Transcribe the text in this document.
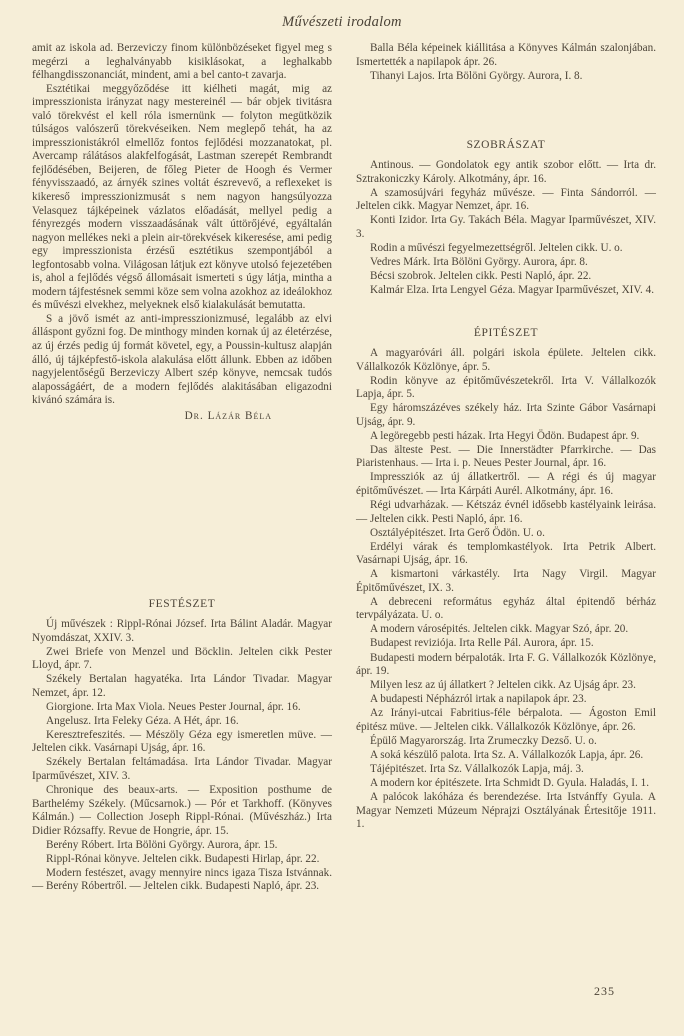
Művészeti irodalom

amit az iskola ad. Berzeviczy finom különbözéseket figyel meg s megérzi a leghalványabb kisiklásokat, a leghalkabb félhangdisszonanciát, mindent, ami a bel canto-t zavarja.

Esztétikai meggyőződése itt kiélheti magát, mig az impresszionista irányzat nagy mestereinél — bár objek tivitásra való törekvést el kell róla ismernünk — folyton megütközik túlságos valószerű törekvéseiken. Nem meglepő tehát, ha az impresszionistákról elmellőz fontos fejlődési mozzanatokat, pl. Avercamp rálátásos alakfelfogását, Lastman szerepét Rembrandt fejlődésében, Beijeren, de főleg Pieter de Hoogh és Vermer fényvisszaadó, az árnyék szines voltát észrevevő, a reflexeket is kikereső impresszionizmusát s nem nagyon hangsúlyozza Velasquez tájképeinek vázlatos előadását, mellyel pedig a fényrezgés modern visszaadásának vált úttörőjévé, egyáltalán nagyon mellékes neki a plein air-törekvések kikeresése, ami pedig egy impresszionista érzésű esztétikus szempontjából a legfontosabb volna. Világosan látjuk ezt könyve utolsó fejezetében is, ahol a fejlődés végső állomásait ismerteti s úgy látja, mintha a modern tájfestésnek semmi köze sem volna azokhoz az ideálokhoz és művészi elvekhez, melyeknek első kialakulását bemutatta.

S a jövő ismét az anti-impresszionizmusé, legalább az elvi álláspont győzni fog. De minthogy minden kornak új az életérzése, az új érzés pedig új formát követel, egy, a Poussin-kultusz alapján álló, új tájképfestő-iskola alakulása előtt állunk. Ebben az időben nagyjelentőségű Berzeviczy Albert szép könyve, nemcsak tudós alaposságáért, de a modern fejlődés alakitásában eligazodni kivánó számára is.

Dr. Lázár Béla

FESTÉSZET

Új művészek : Rippl-Rónai József. Irta Bálint Aladár. Magyar Nyomdászat, XXIV. 3.

Zwei Briefe von Menzel und Böcklin. Jeltelen cikk Pester Lloyd, ápr. 7.

Székely Bertalan hagyatéka. Irta Lándor Tivadar. Magyar Nemzet, ápr. 12.

Giorgione. Irta Max Viola. Neues Pester Journal, ápr. 16.

Angelusz. Irta Feleky Géza. A Hét, ápr. 16.

Keresztrefeszités. — Mészöly Géza egy ismeretlen müve. — Jeltelen cikk. Vasárnapi Ujság, ápr. 16.

Székely Bertalan feltámadása. Irta Lándor Tivadar. Magyar Iparművészet, XIV. 3.

Chronique des beaux-arts. — Exposition posthume de Barthelémy Székely. (Műcsarnok.) — Pór et Tarkhoff. (Könyves Kálmán.) — Collection Joseph Rippl-Rónai. (Művészház.) Irta Didier Rózsaffy. Revue de Hongrie, ápr. 15.

Berény Róbert. Irta Bölöni György. Aurora, ápr. 15.

Rippl-Rónai könyve. Jeltelen cikk. Budapesti Hirlap, ápr. 22.

Modern festészet, avagy mennyire nincs igaza Tisza Istvánnak. — Berény Róbertről. — Jeltelen cikk. Budapesti Napló, ápr. 23.

Balla Béla képeinek kiállitása a Könyves Kálmán szalonjában. Ismertették a napilapok ápr. 26.

Tihanyi Lajos. Irta Bölöni György. Aurora, I. 8.

SZOBRÁSZAT

Antinous. — Gondolatok egy antik szobor előtt. — Irta dr. Sztrakoniczky Károly. Alkotmány, ápr. 16.

A szamosújvári fegyház művésze. — Finta Sándorról. — Jeltelen cikk. Magyar Nemzet, ápr. 16.

Konti Izidor. Irta Gy. Takách Béla. Magyar Iparművészet, XIV. 3.

Rodin a művészi fegyelmezettségről. Jeltelen cikk. U. o.

Vedres Márk. Irta Bölöni György. Aurora, ápr. 8.

Bécsi szobrok. Jeltelen cikk. Pesti Napló, ápr. 22.

Kalmár Elza. Irta Lengyel Géza. Magyar Iparművészet, XIV. 4.

ÉPITÉSZET

A magyaróvári áll. polgári iskola épülete. Jeltelen cikk. Vállalkozók Közlönye, ápr. 5.

Rodin könyve az épitőművészetekről. Irta V. Vállalkozók Lapja, ápr. 5.

Egy háromszázéves székely ház. Irta Szinte Gábor Vasárnapi Ujság, ápr. 9.

A legöregebb pesti házak. Irta Hegyi Ödön. Budapest ápr. 9.

Das älteste Pest. — Die Innerstädter Pfarrkirche. — Das Piaristenhaus. — Irta i. p. Neues Pester Journal, ápr. 16.

Impressziók az új állatkertről. — A régi és új magyar épitőművészet. — Irta Kárpáti Aurél. Alkotmány, ápr. 16.

Régi udvarházak. — Kétszáz évnél idősebb kastélyaink leirása. — Jeltelen cikk. Pesti Napló, ápr. 16.

Osztályépitészet. Irta Gerő Ödön. U. o.

Erdélyi várak és templomkastélyok. Irta Petrik Albert. Vasárnapi Ujság, ápr. 16.

A kismartoni várkastély. Irta Nagy Virgil. Magyar Épitőművészet, IX. 3.

A debreceni református egyház által épitendő bérház tervpályázata. U. o.

A modern városépités. Jeltelen cikk. Magyar Szó, ápr. 20.

Budapest reviziója. Irta Relle Pál. Aurora, ápr. 15.

Budapesti modern bérpaloták. Irta F. G. Vállalkozók Közlönye, ápr. 19.

Milyen lesz az új állatkert ? Jeltelen cikk. Az Ujság ápr. 23.

A budapesti Népházról irtak a napilapok ápr. 23.

Az Irányi-utcai Fabritius-féle bérpalota. — Ágoston Emil épitész müve. — Jeltelen cikk. Vállalkozók Közlönye, ápr. 26.

Épülő Magyarország. Irta Zrumeczky Dezső. U. o.

A soká készülő palota. Irta Sz. A. Vállalkozók Lapja, ápr. 26.

Tájépitészet. Irta Sz. Vállalkozók Lapja, máj. 3.

A modern kor épitészete. Irta Schmidt D. Gyula. Haladás, I. 1.

A palócok lakóháza és berendezése. Irta Istvánffy Gyula. A Magyar Nemzeti Múzeum Néprajzi Osztályának Értesitője 1911. 1.

235
